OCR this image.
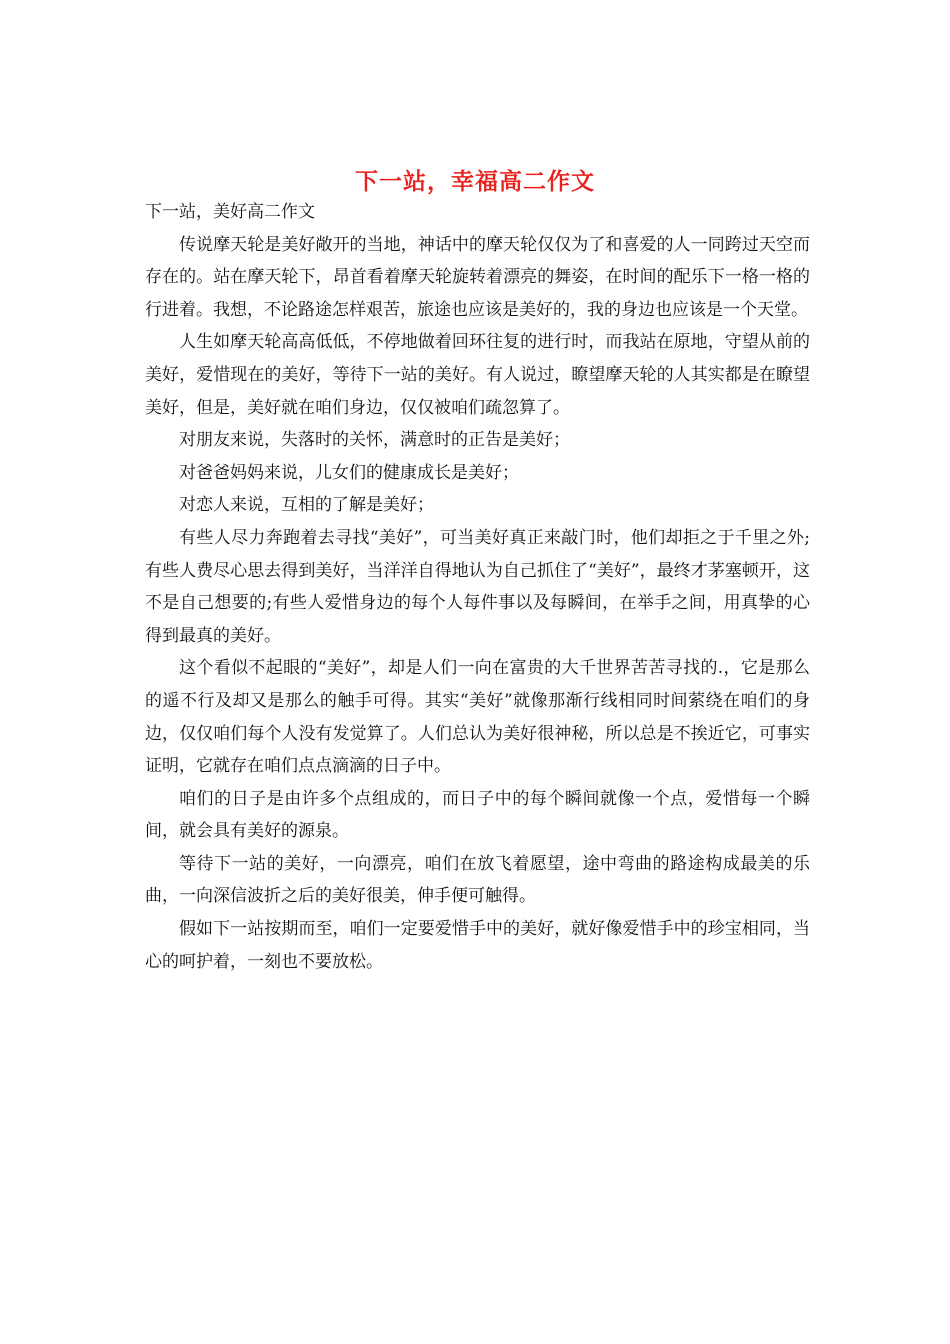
下一站，幸福高二作文

下一站，美好高二作文

传说摩天轮是美好敞开的当地，神话中的摩天轮仅仅为了和喜爱的人一同跨过天空而存在的。站在摩天轮下，昂首看着摩天轮旋转着漂亮的舞姿，在时间的配乐下一格一格的行进着。我想，不论路途怎样艰苦，旅途也应该是美好的，我的身边也应该是一个天堂。

人生如摩天轮高高低低，不停地做着回环往复的进行时，而我站在原地，守望从前的美好，爱惜现在的美好，等待下一站的美好。有人说过，瞭望摩天轮的人其实都是在瞭望美好，但是，美好就在咱们身边，仅仅被咱们疏忽算了。

对朋友来说，失落时的关怀，满意时的正告是美好；

对爸爸妈妈来说，儿女们的健康成长是美好；

对恋人来说，互相的了解是美好；

有些人尽力奔跑着去寻找“美好”，可当美好真正来敲门时，他们却拒之于千里之外;有些人费尽心思去得到美好，当洋洋自得地认为自己抓住了“美好”，最终才茅塞顿开，这不是自己想要的;有些人爱惜身边的每个人每件事以及每瞬间，在举手之间，用真挚的心得到最真的美好。

这个看似不起眼的“美好”，却是人们一向在富贵的大千世界苦苦寻找的.，它是那么的遥不行及却又是那么的触手可得。其实“美好”就像那渐行线相同时间萦绕在咱们的身边，仅仅咱们每个人没有发觉算了。人们总认为美好很神秘，所以总是不挨近它，可事实证明，它就存在咱们点点滴滴的日子中。

咱们的日子是由许多个点组成的，而日子中的每个瞬间就像一个点，爱惜每一个瞬间，就会具有美好的源泉。

等待下一站的美好，一向漂亮，咱们在放飞着愿望，途中弯曲的路途构成最美的乐曲，一向深信波折之后的美好很美，伸手便可触得。

假如下一站按期而至，咱们一定要爱惜手中的美好，就好像爱惜手中的珍宝相同，当心的呵护着，一刻也不要放松。
